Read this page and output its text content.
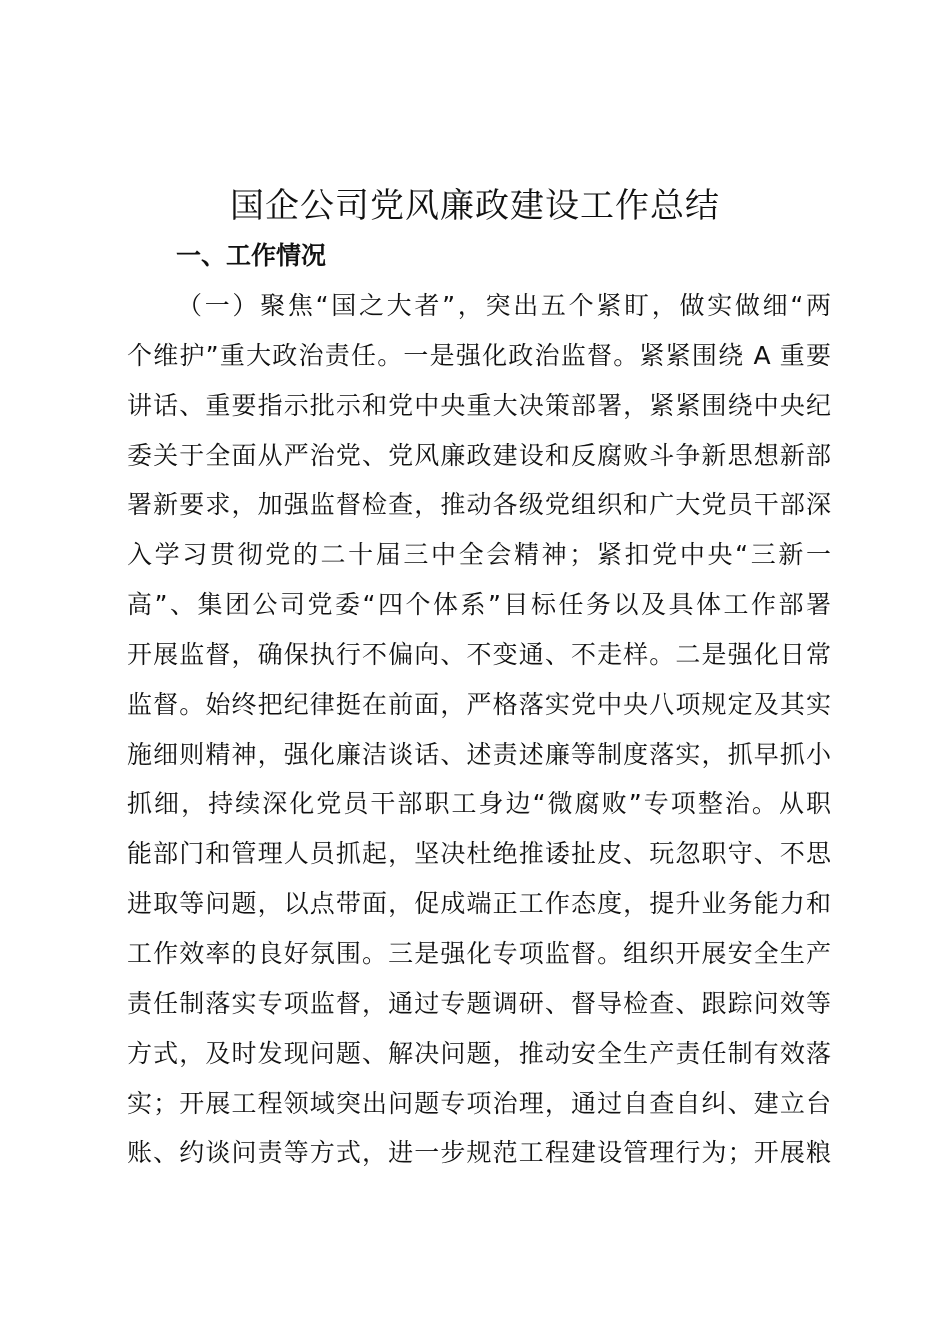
国企公司党风廉政建设工作总结
一、工作情况
（一）聚焦“国之大者”，突出五个紧盯，做实做细“两
个维护”重大政治责任。一是强化政治监督。紧紧围绕 A 重要
讲话、重要指示批示和党中央重大决策部署，紧紧围绕中央纪
委关于全面从严治党、党风廉政建设和反腐败斗争新思想新部
署新要求，加强监督检查，推动各级党组织和广大党员干部深
入学习贯彻党的二十届三中全会精神；紧扣党中央“三新一
高”、集团公司党委“四个体系”目标任务以及具体工作部署
开展监督，确保执行不偏向、不变通、不走样。二是强化日常
监督。始终把纪律挺在前面，严格落实党中央八项规定及其实
施细则精神，强化廉洁谈话、述责述廉等制度落实，抓早抓小
抓细，持续深化党员干部职工身边“微腐败”专项整治。从职
能部门和管理人员抓起，坚决杜绝推诿扯皮、玩忽职守、不思
进取等问题，以点带面，促成端正工作态度，提升业务能力和
工作效率的良好氛围。三是强化专项监督。组织开展安全生产
责任制落实专项监督，通过专题调研、督导检查、跟踪问效等
方式，及时发现问题、解决问题，推动安全生产责任制有效落
实；开展工程领域突出问题专项治理，通过自查自纠、建立台
账、约谈问责等方式，进一步规范工程建设管理行为；开展粮
